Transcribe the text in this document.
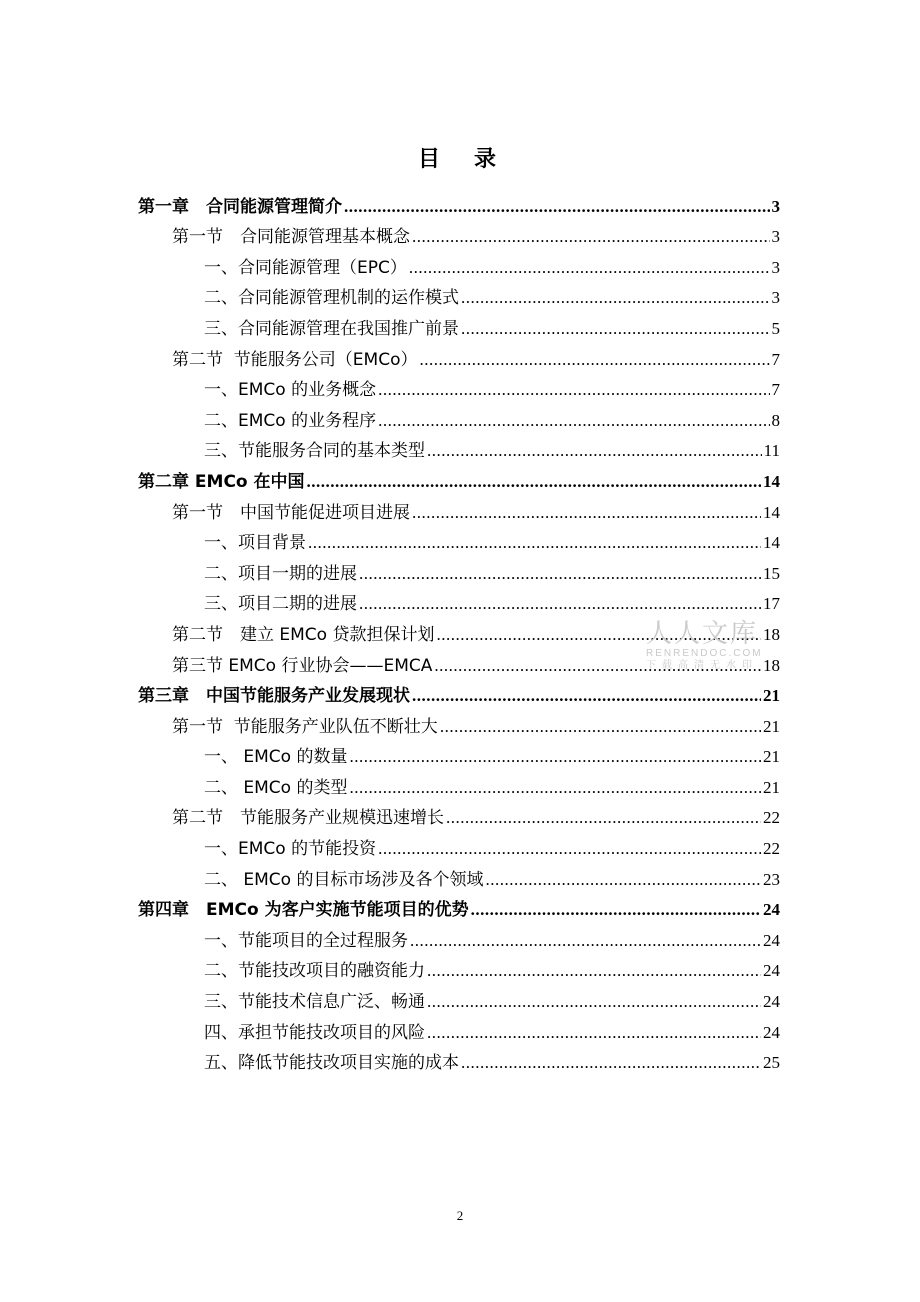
目　录
第一章　合同能源管理简介 .....	3
第一节　合同能源管理基本概念 .....	3
一、合同能源管理（EPC） .....	3
二、合同能源管理机制的运作模式 .....	3
三、合同能源管理在我国推广前景 .....	5
第二节  节能服务公司（EMCo） .....	7
一、EMCo 的业务概念 .....	7
二、EMCo 的业务程序 .....	8
三、节能服务合同的基本类型 .....	11
第二章 EMCo 在中国 .....	14
第一节　中国节能促进项目进展 .....	14
一、项目背景 .....	14
二、项目一期的进展 .....	15
三、项目二期的进展 .....	17
第二节　建立 EMCo 贷款担保计划 .....	18
第三节 EMCo 行业协会——EMCA .....	18
第三章　中国节能服务产业发展现状 .....	21
第一节  节能服务产业队伍不断壮大 .....	21
一、 EMCo 的数量 .....	21
二、 EMCo 的类型 .....	21
第二节　节能服务产业规模迅速增长 .....	22
一、EMCo 的节能投资 .....	22
二、 EMCo 的目标市场涉及各个领域 .....	23
第四章　EMCo 为客户实施节能项目的优势 .....	24
一、节能项目的全过程服务 .....	24
二、节能技改项目的融资能力 .....	24
三、节能技术信息广泛、畅通 .....	24
四、承担节能技改项目的风险 .....	24
五、降低节能技改项目实施的成本 .....	25
人人文库
RENRENDOC.COM
下载高清无水印
2
